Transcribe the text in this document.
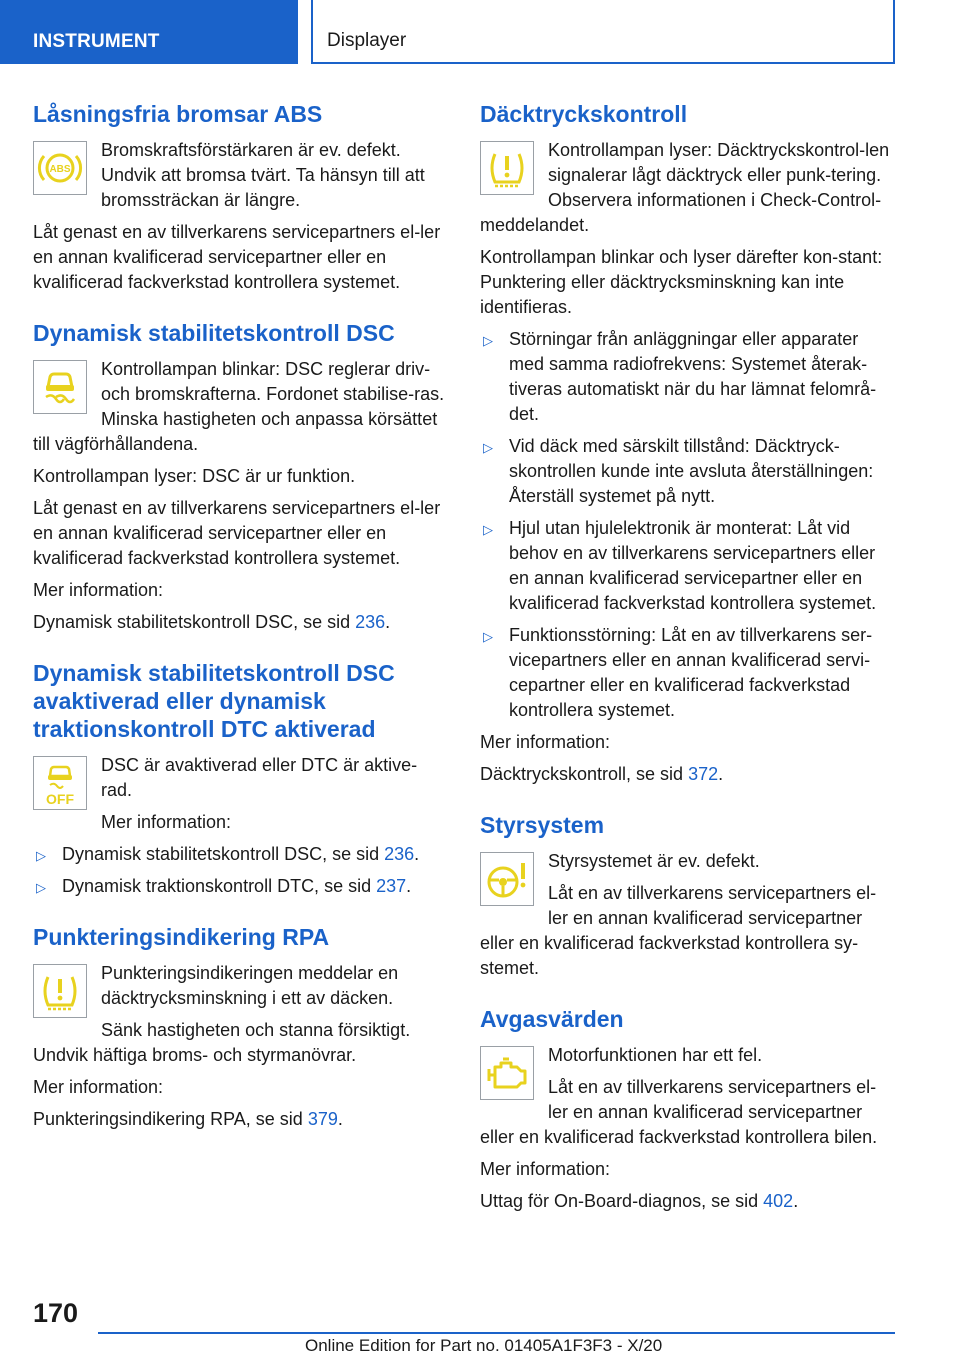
INSTRUMENT	Displayer
Låsningsfria bromsar ABS
ABS

Bromskraftsförstärkaren är ev. defekt. Undvik att bromsa tvärt. Ta hänsyn till att bromssträckan är längre.

Låt genast en av tillverkarens servicepartners el-ler en annan kvalificerad servicepartner eller en kvalificerad fackverkstad kontrollera systemet.

Dynamisk stabilitetskontroll DSC

Kontrollampan blinkar: DSC reglerar driv- och bromskrafterna. Fordonet stabilise-ras. Minska hastigheten och anpassa körsättet till vägförhållandena.

Kontrollampan lyser: DSC är ur funktion.

Låt genast en av tillverkarens servicepartners el-ler en annan kvalificerad servicepartner eller en kvalificerad fackverkstad kontrollera systemet.

Mer information:

Dynamisk stabilitetskontroll DSC, se sid 236.

Dynamisk stabilitetskontroll DSC avaktiverad eller dynamisk traktionskontroll DTC aktiverad
OFF

DSC är avaktiverad eller DTC är aktive-rad.

Mer information:

▷ Dynamisk stabilitetskontroll DSC, se sid 236.

▷ Dynamisk traktionskontroll DTC, se sid 237.

Punkteringsindikering RPA

Punkteringsindikeringen meddelar en däcktrycksminskning i ett av däcken.

Sänk hastigheten och stanna försiktigt. Undvik häftiga broms- och styrmanövrar.

Mer information:

Punkteringsindikering RPA, se sid 379.

Däcktryckskontroll

Kontrollampan lyser: Däcktryckskontrol-len signalerar lågt däcktryck eller punk-tering. Observera informationen i Check-Control-meddelandet.

Kontrollampan blinkar och lyser därefter kon-stant: Punktering eller däcktrycksminskning kan inte identifieras.

▷ Störningar från anläggningar eller apparater med samma radiofrekvens: Systemet återak-tiveras automatiskt när du har lämnat felområ-det.

▷ Vid däck med särskilt tillstånd: Däcktryck-skontrollen kunde inte avsluta återställningen: Återställ systemet på nytt.

▷ Hjul utan hjulelektronik är monterat: Låt vid behov en av tillverkarens servicepartners eller en annan kvalificerad servicepartner eller en kvalificerad fackverkstad kontrollera systemet.

▷ Funktionsstörning: Låt en av tillverkarens ser-vicepartners eller en annan kvalificerad servi-cepartner eller en kvalificerad fackverkstad kontrollera systemet.

Mer information:

Däcktryckskontroll, se sid 372.

Styrsystem

Styrsystemet är ev. defekt.

Låt en av tillverkarens servicepartners el-ler en annan kvalificerad servicepartner eller en kvalificerad fackverkstad kontrollera sy-stemet.

Avgasvärden

Motorfunktionen har ett fel.

Låt en av tillverkarens servicepartners el-ler en annan kvalificerad servicepartner eller en kvalificerad fackverkstad kontrollera bilen.

Mer information:

Uttag för On-Board-diagnos, se sid 402.

170
Online Edition for Part no. 01405A1F3F3 - X/20
